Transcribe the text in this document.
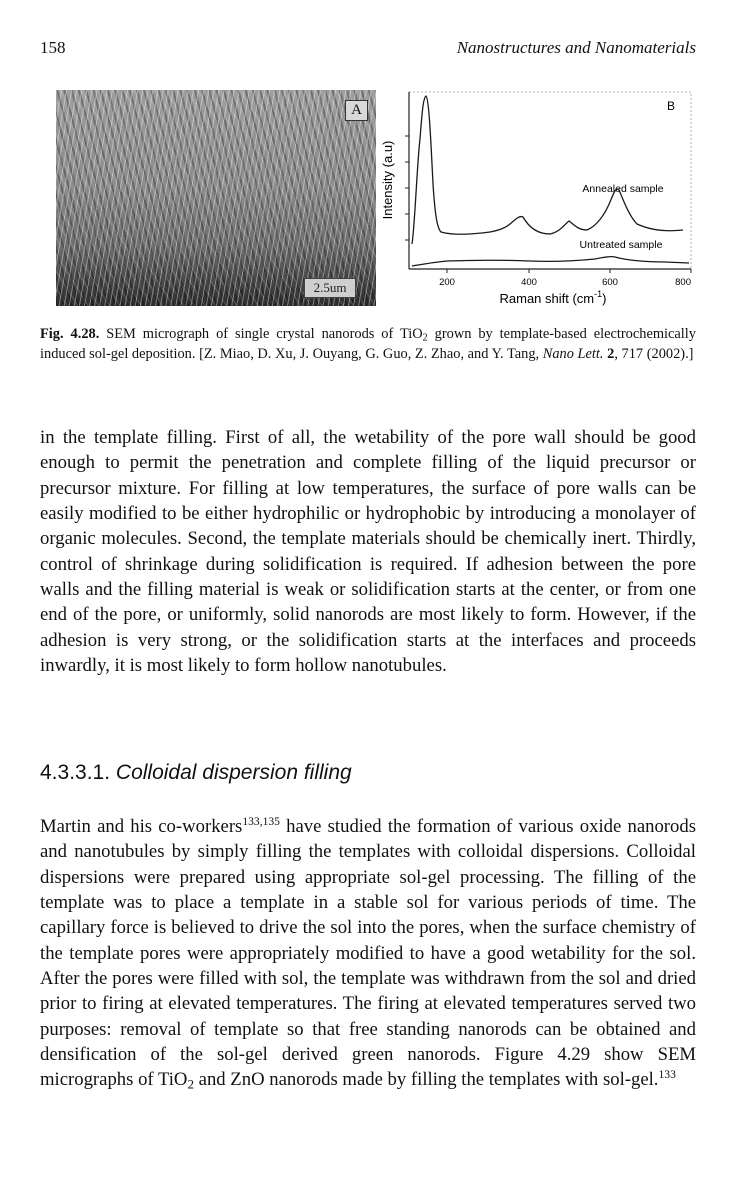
158	Nanostructures and Nanomaterials
A
2.5um
B
Annealed sample
Untreated sample
Intensity (a.u)
200	400	600	800
Raman shift $(cm^{-1})$
Fig. 4.28. SEM micrograph of single crystal nanorods of TiO$_2$ grown by template-based electrochemically induced sol-gel deposition. [Z. Miao, D. Xu, J. Ouyang, G. Guo, Z. Zhao, and Y. Tang, Nano Lett. 2, 717 (2002).]

in the template filling. First of all, the wetability of the pore wall should be good enough to permit the penetration and complete filling of the liquid precursor or precursor mixture. For filling at low temperatures, the surface of pore walls can be easily modified to be either hydrophilic or hydrophobic by introducing a monolayer of organic molecules. Second, the template materials should be chemically inert. Thirdly, control of shrinkage during solidification is required. If adhesion between the pore walls and the filling material is weak or solidification starts at the center, or from one end of the pore, or uniformly, solid nanorods are most likely to form. However, if the adhesion is very strong, or the solidification starts at the interfaces and proceeds inwardly, it is most likely to form hollow nanotubules.

4.3.3.1. Colloidal dispersion filling

Martin and his co-workers$^{133,135}$ have studied the formation of various oxide nanorods and nanotubules by simply filling the templates with colloidal dispersions. Colloidal dispersions were prepared using appropriate sol-gel processing. The filling of the template was to place a template in a stable sol for various periods of time. The capillary force is believed to drive the sol into the pores, when the surface chemistry of the template pores were appropriately modified to have a good wetability for the sol. After the pores were filled with sol, the template was withdrawn from the sol and dried prior to firing at elevated temperatures. The firing at elevated temperatures served two purposes: removal of template so that free standing nanorods can be obtained and densification of the sol-gel derived green nanorods. Figure 4.29 show SEM micrographs of TiO$_2$ and ZnO nanorods made by filling the templates with sol-gel.$^{133}$
